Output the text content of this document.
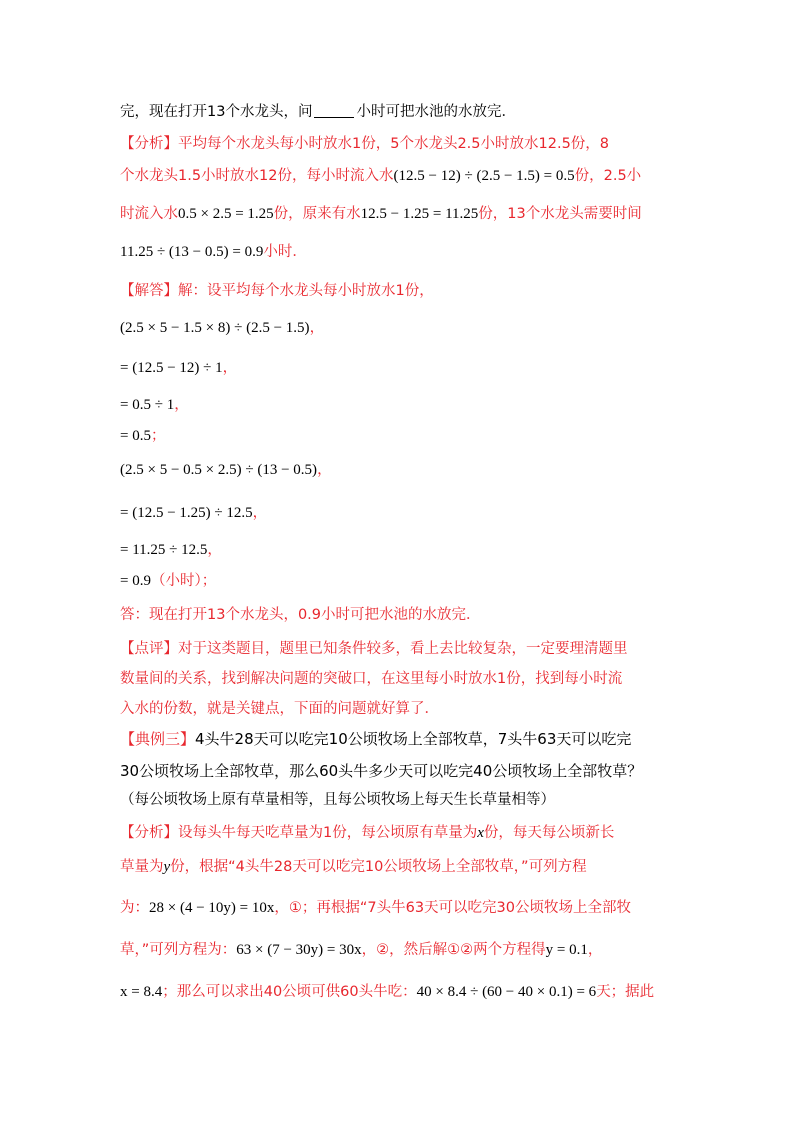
完，现在打开13个水龙头，问	小时可把水池的水放完．
【分析】平均每个水龙头每小时放水1份，5个水龙头2.5小时放水12.5份，8
个水龙头1.5小时放水12份，每小时流入水(12.5 − 12) ÷ (2.5 − 1.5) = 0.5份，2.5小
时流入水0.5 × 2.5 = 1.25份，原来有水12.5 − 1.25 = 11.25份，13个水龙头需要时间
11.25 ÷ (13 − 0.5) = 0.9小时．
【解答】解：设平均每个水龙头每小时放水1份，
(2.5 × 5 − 1.5 × 8) ÷ (2.5 − 1.5)，
= (12.5 − 12) ÷ 1，
= 0.5 ÷ 1，
= 0.5；
(2.5 × 5 − 0.5 × 2.5) ÷ (13 − 0.5)，
= (12.5 − 1.25) ÷ 12.5，
= 11.25 ÷ 12.5，
= 0.9（小时）；
答：现在打开13个水龙头，0.9小时可把水池的水放完．
【点评】对于这类题目，题里已知条件较多，看上去比较复杂，一定要理清题里
数量间的关系，找到解决问题的突破口，在这里每小时放水1份，找到每小时流
入水的份数，就是关键点，下面的问题就好算了．
【典例三】4头牛28天可以吃完10公顷牧场上全部牧草，7头牛63天可以吃完
30公顷牧场上全部牧草，那么60头牛多少天可以吃完40公顷牧场上全部牧草？
（每公顷牧场上原有草量相等，且每公顷牧场上每天生长草量相等）
【分析】设每头牛每天吃草量为1份，每公顷原有草量为x份，每天每公顷新长
草量为y份，根据“4头牛28天可以吃完10公顷牧场上全部牧草，”可列方程
为：28 × (4 − 10y) = 10x，①；再根据“7头牛63天可以吃完30公顷牧场上全部牧
草，”可列方程为：63 × (7 − 30y) = 30x，②，然后解①②两个方程得y = 0.1，
x = 8.4；那么可以求出40公顷可供60头牛吃：40 × 8.4 ÷ (60 − 40 × 0.1) = 6天；据此
